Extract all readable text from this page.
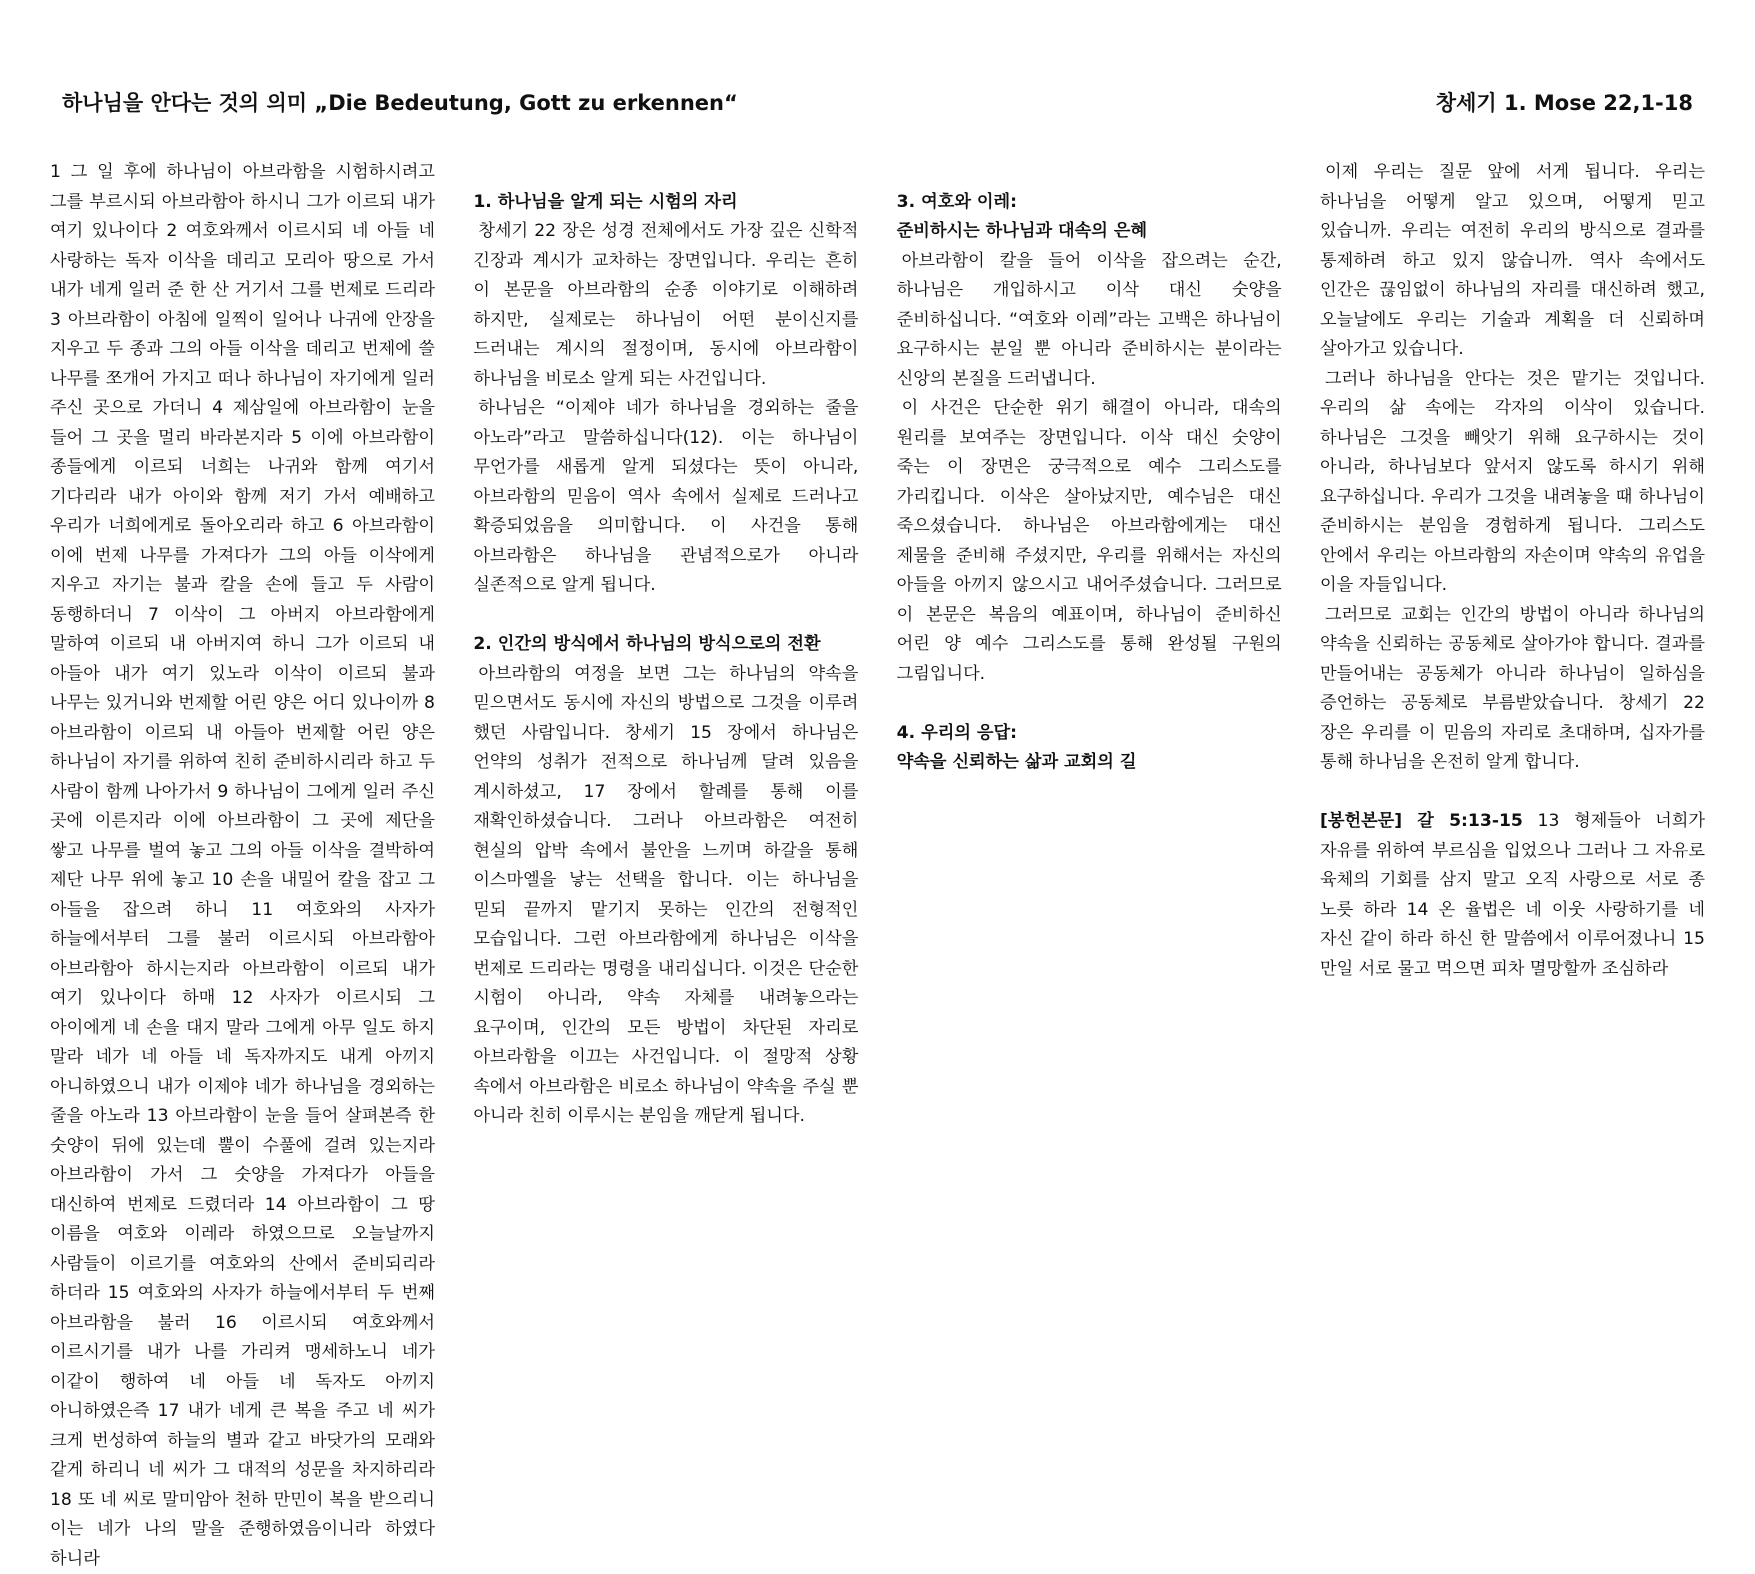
하나님을 안다는 것의 의미 „Die Bedeutung, Gott zu erkennen“	창세기 1. Mose 22,1-18

1 그 일 후에 하나님이 아브라함을 시험하시려고 그를 부르시되 아브라함아 하시니 그가 이르되 내가 여기 있나이다 2 여호와께서 이르시되 네 아들 네 사랑하는 독자 이삭을 데리고 모리아 땅으로 가서 내가 네게 일러 준 한 산 거기서 그를 번제로 드리라 3 아브라함이 아침에 일찍이 일어나 나귀에 안장을 지우고 두 종과 그의 아들 이삭을 데리고 번제에 쓸 나무를 쪼개어 가지고 떠나 하나님이 자기에게 일러 주신 곳으로 가더니 4 제삼일에 아브라함이 눈을 들어 그 곳을 멀리 바라본지라 5 이에 아브라함이 종들에게 이르되 너희는 나귀와 함께 여기서 기다리라 내가 아이와 함께 저기 가서 예배하고 우리가 너희에게로 돌아오리라 하고 6 아브라함이 이에 번제 나무를 가져다가 그의 아들 이삭에게 지우고 자기는 불과 칼을 손에 들고 두 사람이 동행하더니 7 이삭이 그 아버지 아브라함에게 말하여 이르되 내 아버지여 하니 그가 이르되 내 아들아 내가 여기 있노라 이삭이 이르되 불과 나무는 있거니와 번제할 어린 양은 어디 있나이까 8 아브라함이 이르되 내 아들아 번제할 어린 양은 하나님이 자기를 위하여 친히 준비하시리라 하고 두 사람이 함께 나아가서 9 하나님이 그에게 일러 주신 곳에 이른지라 이에 아브라함이 그 곳에 제단을 쌓고 나무를 벌여 놓고 그의 아들 이삭을 결박하여 제단 나무 위에 놓고 10 손을 내밀어 칼을 잡고 그 아들을 잡으려 하니 11 여호와의 사자가 하늘에서부터 그를 불러 이르시되 아브라함아 아브라함아 하시는지라 아브라함이 이르되 내가 여기 있나이다 하매 12 사자가 이르시되 그 아이에게 네 손을 대지 말라 그에게 아무 일도 하지 말라 네가 네 아들 네 독자까지도 내게 아끼지 아니하였으니 내가 이제야 네가 하나님을 경외하는 줄을 아노라 13 아브라함이 눈을 들어 살펴본즉 한 숫양이 뒤에 있는데 뿔이 수풀에 걸려 있는지라 아브라함이 가서 그 숫양을 가져다가 아들을 대신하여 번제로 드렸더라 14 아브라함이 그 땅 이름을 여호와 이레라 하였으므로 오늘날까지 사람들이 이르기를 여호와의 산에서 준비되리라 하더라 15 여호와의 사자가 하늘에서부터 두 번째 아브라함을 불러 16 이르시되 여호와께서 이르시기를 내가 나를 가리켜 맹세하노니 네가 이같이 행하여 네 아들 네 독자도 아끼지 아니하였은즉 17 내가 네게 큰 복을 주고 네 씨가 크게 번성하여 하늘의 별과 같고 바닷가의 모래와 같게 하리니 네 씨가 그 대적의 성문을 차지하리라 18 또 네 씨로 말미암아 천하 만민이 복을 받으리니 이는 네가 나의 말을 준행하였음이니라 하였다 하니라

1. 하나님을 알게 되는 시험의 자리

창세기 22 장은 성경 전체에서도 가장 깊은 신학적 긴장과 계시가 교차하는 장면입니다. 우리는 흔히 이 본문을 아브라함의 순종 이야기로 이해하려 하지만, 실제로는 하나님이 어떤 분이신지를 드러내는 계시의 절정이며, 동시에 아브라함이 하나님을 비로소 알게 되는 사건입니다.

하나님은 “이제야 네가 하나님을 경외하는 줄을 아노라”라고 말씀하십니다(12). 이는 하나님이 무언가를 새롭게 알게 되셨다는 뜻이 아니라, 아브라함의 믿음이 역사 속에서 실제로 드러나고 확증되었음을 의미합니다. 이 사건을 통해 아브라함은 하나님을 관념적으로가 아니라 실존적으로 알게 됩니다.

2. 인간의 방식에서 하나님의 방식으로의 전환

아브라함의 여정을 보면 그는 하나님의 약속을 믿으면서도 동시에 자신의 방법으로 그것을 이루려 했던 사람입니다. 창세기 15 장에서 하나님은 언약의 성취가 전적으로 하나님께 달려 있음을 계시하셨고, 17 장에서 할례를 통해 이를 재확인하셨습니다. 그러나 아브라함은 여전히 현실의 압박 속에서 불안을 느끼며 하갈을 통해 이스마엘을 낳는 선택을 합니다. 이는 하나님을 믿되 끝까지 맡기지 못하는 인간의 전형적인 모습입니다. 그런 아브라함에게 하나님은 이삭을 번제로 드리라는 명령을 내리십니다. 이것은 단순한 시험이 아니라, 약속 자체를 내려놓으라는 요구이며, 인간의 모든 방법이 차단된 자리로 아브라함을 이끄는 사건입니다. 이 절망적 상황 속에서 아브라함은 비로소 하나님이 약속을 주실 뿐 아니라 친히 이루시는 분임을 깨닫게 됩니다.

3. 여호와 이레:
준비하시는 하나님과 대속의 은혜

아브라함이 칼을 들어 이삭을 잡으려는 순간, 하나님은 개입하시고 이삭 대신 숫양을 준비하십니다. “여호와 이레”라는 고백은 하나님이 요구하시는 분일 뿐 아니라 준비하시는 분이라는 신앙의 본질을 드러냅니다.

이 사건은 단순한 위기 해결이 아니라, 대속의 원리를 보여주는 장면입니다. 이삭 대신 숫양이 죽는 이 장면은 궁극적으로 예수 그리스도를 가리킵니다. 이삭은 살아났지만, 예수님은 대신 죽으셨습니다. 하나님은 아브라함에게는 대신 제물을 준비해 주셨지만, 우리를 위해서는 자신의 아들을 아끼지 않으시고 내어주셨습니다. 그러므로 이 본문은 복음의 예표이며, 하나님이 준비하신 어린 양 예수 그리스도를 통해 완성될 구원의 그림입니다.

4. 우리의 응답:
약속을 신뢰하는 삶과 교회의 길

이제 우리는 질문 앞에 서게 됩니다. 우리는 하나님을 어떻게 알고 있으며, 어떻게 믿고 있습니까. 우리는 여전히 우리의 방식으로 결과를 통제하려 하고 있지 않습니까. 역사 속에서도 인간은 끊임없이 하나님의 자리를 대신하려 했고, 오늘날에도 우리는 기술과 계획을 더 신뢰하며 살아가고 있습니다.

그러나 하나님을 안다는 것은 맡기는 것입니다. 우리의 삶 속에는 각자의 이삭이 있습니다. 하나님은 그것을 빼앗기 위해 요구하시는 것이 아니라, 하나님보다 앞서지 않도록 하시기 위해 요구하십니다. 우리가 그것을 내려놓을 때 하나님이 준비하시는 분임을 경험하게 됩니다. 그리스도 안에서 우리는 아브라함의 자손이며 약속의 유업을 이을 자들입니다.

그러므로 교회는 인간의 방법이 아니라 하나님의 약속을 신뢰하는 공동체로 살아가야 합니다. 결과를 만들어내는 공동체가 아니라 하나님이 일하심을 증언하는 공동체로 부름받았습니다. 창세기 22 장은 우리를 이 믿음의 자리로 초대하며, 십자가를 통해 하나님을 온전히 알게 합니다.

[봉헌본문] 갈 5:13-15 13 형제들아 너희가 자유를 위하여 부르심을 입었으나 그러나 그 자유로 육체의 기회를 삼지 말고 오직 사랑으로 서로 종 노릇 하라 14 온 율법은 네 이웃 사랑하기를 네 자신 같이 하라 하신 한 말씀에서 이루어졌나니 15 만일 서로 물고 먹으면 피차 멸망할까 조심하라
